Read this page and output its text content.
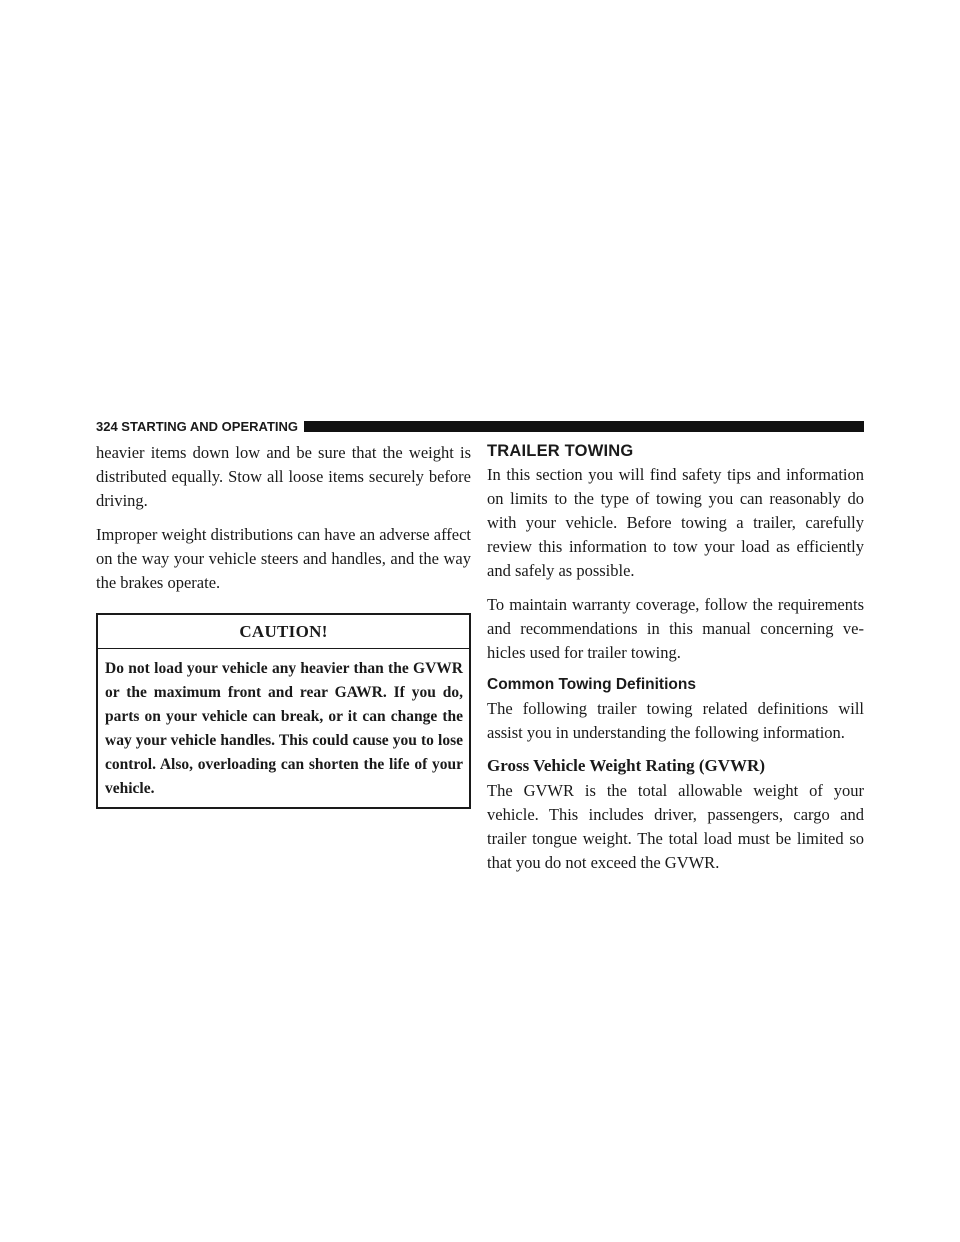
324 STARTING AND OPERATING

heavier items down low and be sure that the weight is distributed equally. Stow all loose items securely before driving.

Improper weight distributions can have an adverse affect on the way your vehicle steers and handles, and the way the brakes operate.

CAUTION!
Do not load your vehicle any heavier than the GVWR or the maximum front and rear GAWR. If you do, parts on your vehicle can break, or it can change the way your vehicle handles. This could cause you to lose control. Also, overloading can shorten the life of your vehicle.
TRAILER TOWING

In this section you will find safety tips and information on limits to the type of towing you can reasonably do with your vehicle. Before towing a trailer, carefully review this information to tow your load as efficiently and safely as possible.

To maintain warranty coverage, follow the requirements and recommendations in this manual concerning ve-hicles used for trailer towing.

Common Towing Definitions

The following trailer towing related definitions will assist you in understanding the following information.

Gross Vehicle Weight Rating (GVWR)

The GVWR is the total allowable weight of your vehicle. This includes driver, passengers, cargo and trailer tongue weight. The total load must be limited so that you do not exceed the GVWR.
